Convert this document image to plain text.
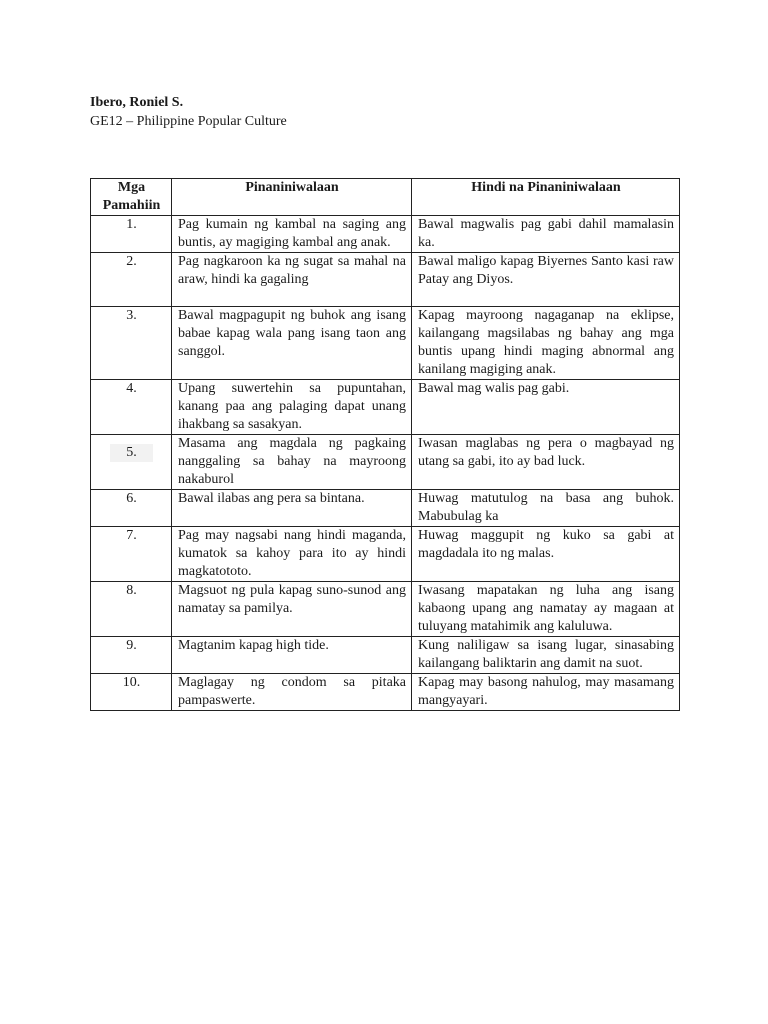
Ibero, Roniel S.
GE12 – Philippine Popular Culture
Mga Pamahiin	Pinaniniwalaan	Hindi na Pinaniniwalaan
1.	Pag kumain ng kambal na saging ang buntis, ay magiging kambal ang anak.	Bawal magwalis pag gabi dahil mamalasin ka.
2.	Pag nagkaroon ka ng sugat sa mahal na araw, hindi ka gagaling	Bawal maligo kapag Biyernes Santo kasi raw Patay ang Diyos.
3.	Bawal magpagupit ng buhok ang isang babae kapag wala pang isang taon ang sanggol.	Kapag mayroong nagaganap na eklipse, kailangang magsilabas ng bahay ang mga buntis upang hindi maging abnormal ang kanilang magiging anak.
4.	Upang suwertehin sa pupuntahan, kanang paa ang palaging dapat unang ihakbang sa sasakyan.	Bawal mag walis pag gabi.
5.	Masama ang magdala ng pagkaing nanggaling sa bahay na mayroong nakaburol	Iwasan maglabas ng pera o magbayad ng utang sa gabi, ito ay bad luck.
6.	Bawal ilabas ang pera sa bintana.	Huwag matutulog na basa ang buhok. Mabubulag ka
7.	Pag may nagsabi nang hindi maganda, kumatok sa kahoy para ito ay hindi magkatototo.	Huwag maggupit ng kuko sa gabi at magdadala ito ng malas.
8.	Magsuot ng pula kapag suno-sunod ang namatay sa pamilya.	Iwasang mapatakan ng luha ang isang kabaong upang ang namatay ay magaan at tuluyang matahimik ang kaluluwa.
9.	Magtanim kapag high tide.	Kung naliligaw sa isang lugar, sinasabing kailangang baliktarin ang damit na suot.
10.	Maglagay ng condom sa pitaka pampaswerte.	Kapag may basong nahulog, may masamang mangyayari.
